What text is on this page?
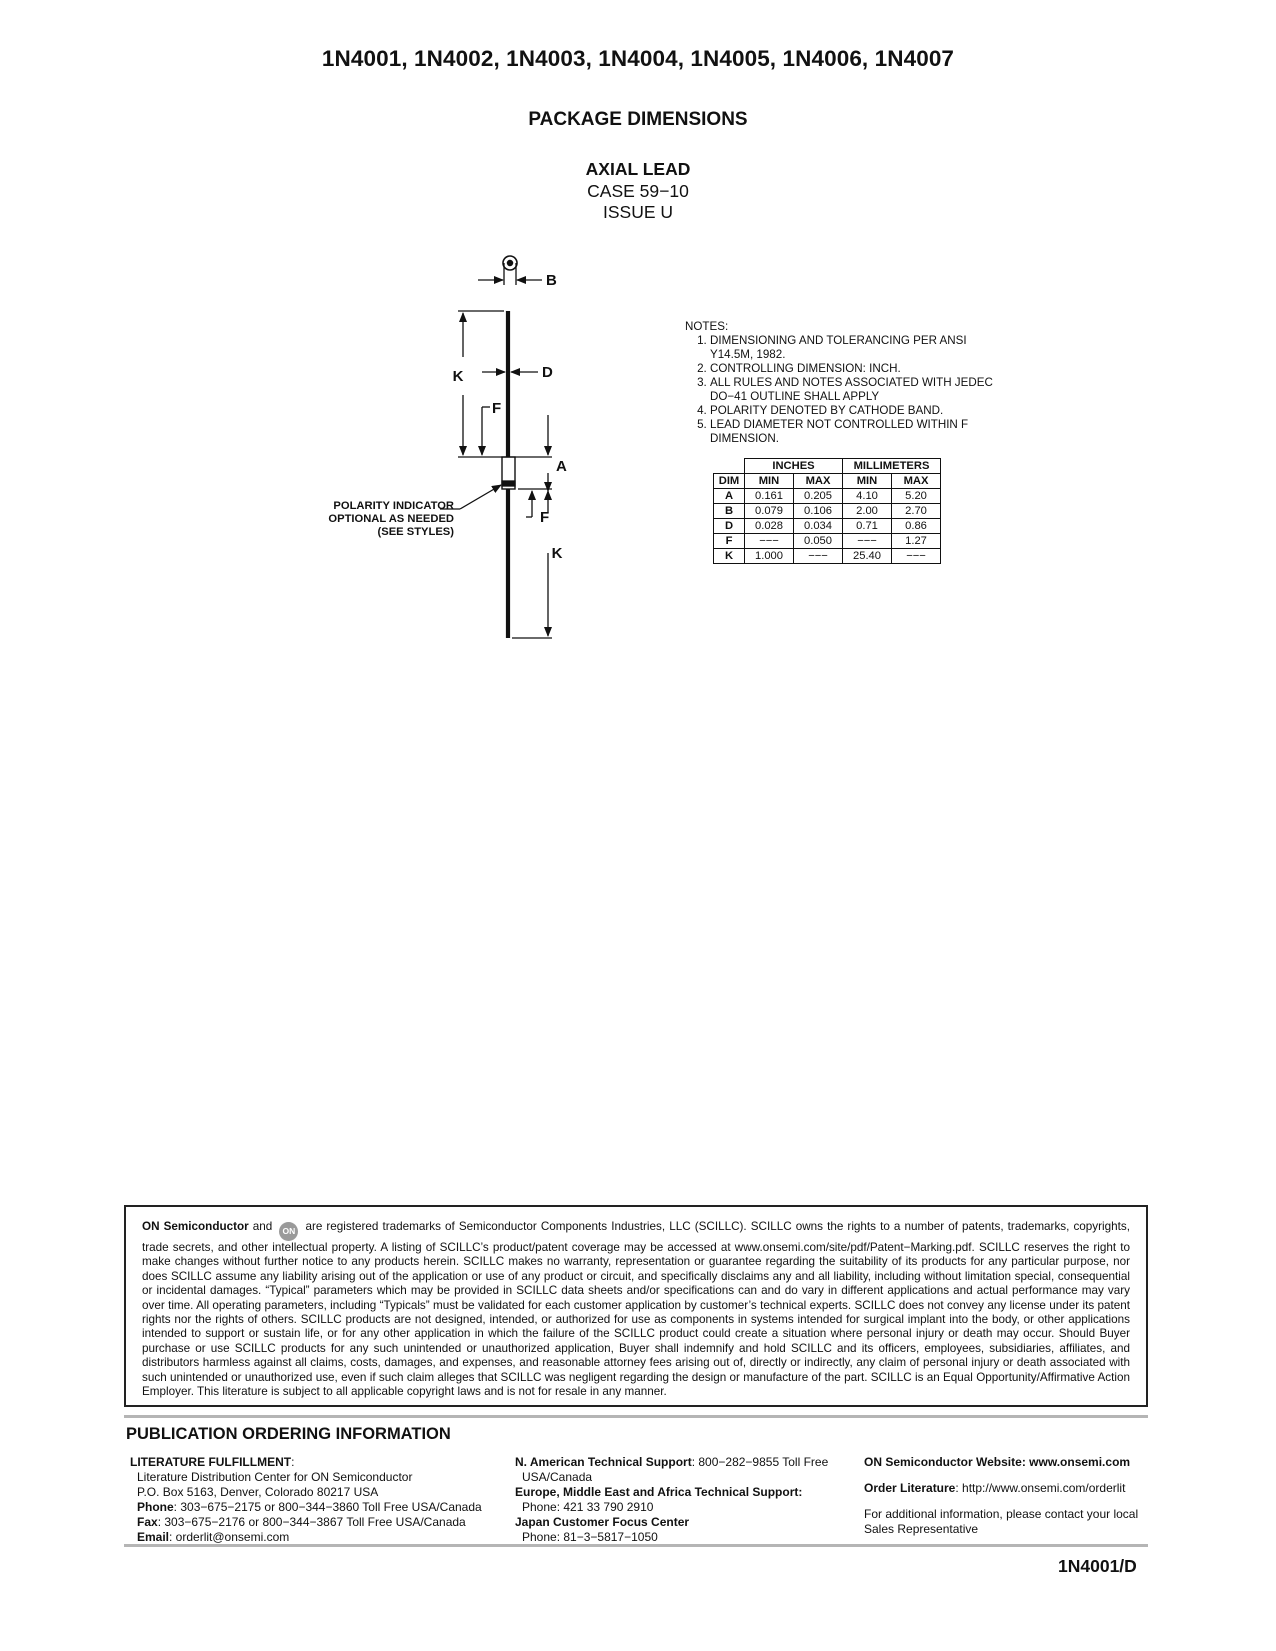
1N4001, 1N4002, 1N4003, 1N4004, 1N4005, 1N4006, 1N4007
PACKAGE DIMENSIONS
AXIAL LEAD
CASE 59−10
ISSUE U
B
K	D
F
A
F
K
POLARITY INDICATOR
OPTIONAL AS NEEDED
(SEE STYLES)

NOTES:

1. DIMENSIONING AND TOLERANCING PER ANSI Y14.5M, 1982.
2. CONTROLLING DIMENSION: INCH.
3. ALL RULES AND NOTES ASSOCIATED WITH JEDEC DO−41 OUTLINE SHALL APPLY
4. POLARITY DENOTED BY CATHODE BAND.
5. LEAD DIAMETER NOT CONTROLLED WITHIN F DIMENSION.
	INCHES		MILLIMETERS	
DIM	MIN	MAX	MIN	MAX
A	0.161	0.205	4.10	5.20
B	0.079	0.106	2.00	2.70
D	0.028	0.034	0.71	0.86
F	−−−	0.050	−−−	1.27
K	1.000	−−−	25.40	−−−
ON Semiconductor and ON are registered trademarks of Semiconductor Components Industries, LLC (SCILLC). SCILLC owns the rights to a number of patents, trademarks, copyrights, trade secrets, and other intellectual property. A listing of SCILLC’s product/patent coverage may be accessed at www.onsemi.com/site/pdf/Patent−Marking.pdf. SCILLC reserves the right to make changes without further notice to any products herein. SCILLC makes no warranty, representation or guarantee regarding the suitability of its products for any particular purpose, nor does SCILLC assume any liability arising out of the application or use of any product or circuit, and specifically disclaims any and all liability, including without limitation special, consequential or incidental damages. “Typical” parameters which may be provided in SCILLC data sheets and/or specifications can and do vary in different applications and actual performance may vary over time. All operating parameters, including “Typicals” must be validated for each customer application by customer’s technical experts. SCILLC does not convey any license under its patent rights nor the rights of others. SCILLC products are not designed, intended, or authorized for use as components in systems intended for surgical implant into the body, or other applications intended to support or sustain life, or for any other application in which the failure of the SCILLC product could create a situation where personal injury or death may occur. Should Buyer purchase or use SCILLC products for any such unintended or unauthorized application, Buyer shall indemnify and hold SCILLC and its officers, employees, subsidiaries, affiliates, and distributors harmless against all claims, costs, damages, and expenses, and reasonable attorney fees arising out of, directly or indirectly, any claim of personal injury or death associated with such unintended or unauthorized use, even if such claim alleges that SCILLC was negligent regarding the design or manufacture of the part. SCILLC is an Equal Opportunity/Affirmative Action Employer. This literature is subject to all applicable copyright laws and is not for resale in any manner.
PUBLICATION ORDERING INFORMATION
LITERATURE FULFILLMENT:
Literature Distribution Center for ON Semiconductor
P.O. Box 5163, Denver, Colorado 80217 USA
Phone: 303−675−2175 or 800−344−3860 Toll Free USA/Canada
Fax: 303−675−2176 or 800−344−3867 Toll Free USA/Canada
Email: orderlit@onsemi.com
N. American Technical Support: 800−282−9855 Toll Free
USA/Canada
Europe, Middle East and Africa Technical Support:
Phone: 421 33 790 2910
Japan Customer Focus Center
Phone: 81−3−5817−1050
ON Semiconductor Website: www.onsemi.com
Order Literature: http://www.onsemi.com/orderlit
For additional information, please contact your local Sales Representative
1N4001/D
